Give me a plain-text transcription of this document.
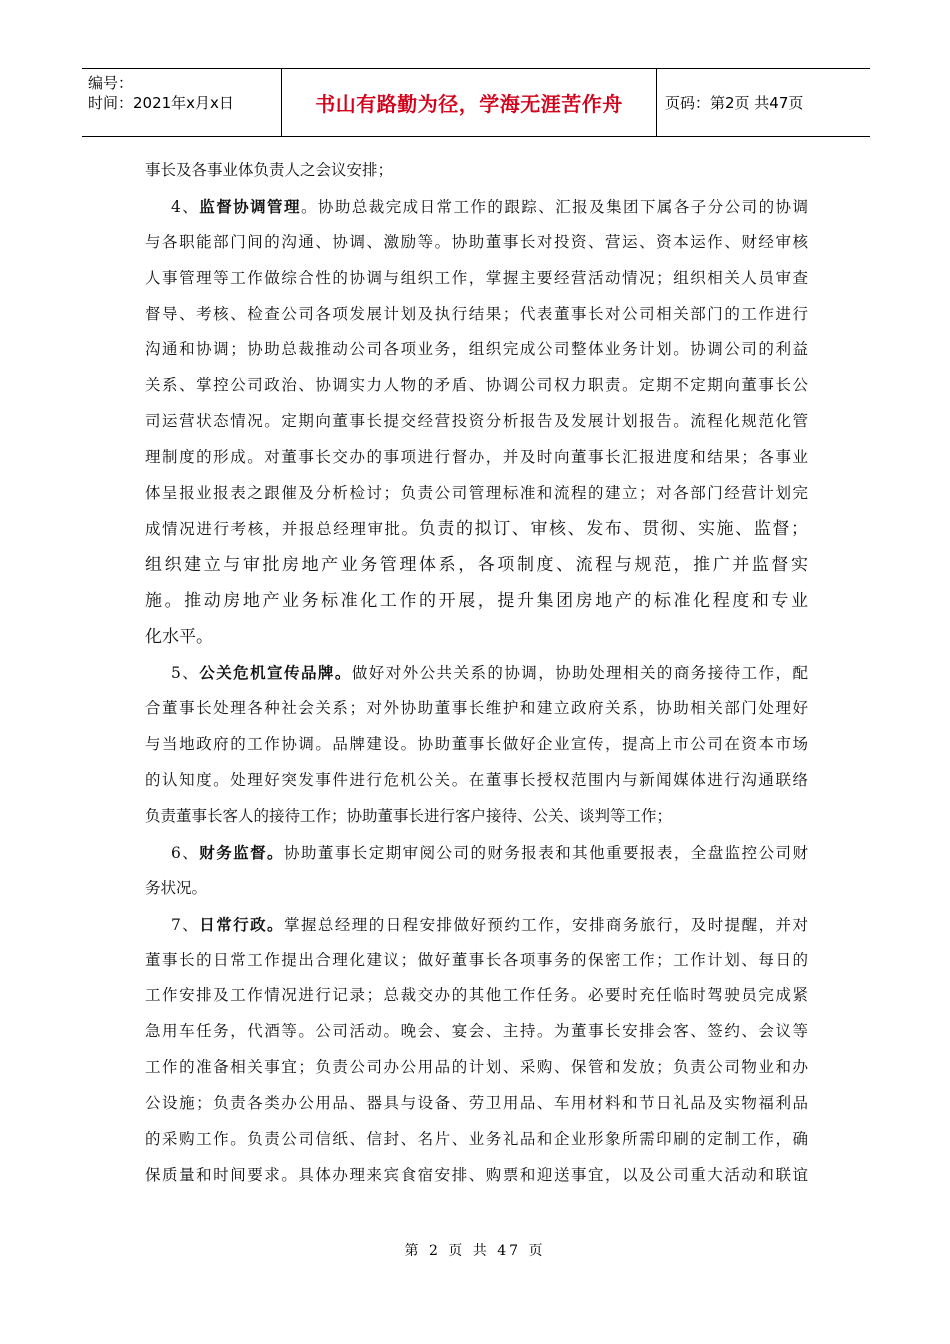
编号：
时间：2021年x月x日	书山有路勤为径，学海无涯苦作舟	页码：第2页 共47页
事长及各事业体负责人之会议安排；
4、监督协调管理。协助总裁完成日常工作的跟踪、汇报及集团下属各子分公司的协调
与各职能部门间的沟通、协调、激励等。协助董事长对投资、营运、资本运作、财经审核
人事管理等工作做综合性的协调与组织工作，掌握主要经营活动情况；组织相关人员审查
督导、考核、检查公司各项发展计划及执行结果；代表董事长对公司相关部门的工作进行
沟通和协调；协助总裁推动公司各项业务，组织完成公司整体业务计划。协调公司的利益
关系、掌控公司政治、协调实力人物的矛盾、协调公司权力职责。定期不定期向董事长公
司运营状态情况。定期向董事长提交经营投资分析报告及发展计划报告。流程化规范化管
理制度的形成。对董事长交办的事项进行督办，并及时向董事长汇报进度和结果；各事业
体呈报业报表之跟催及分析检讨；负责公司管理标准和流程的建立；对各部门经营计划完
成情况进行考核，并报总经理审批。负责的拟订、审核、发布、贯彻、实施、监督；
组织建立与审批房地产业务管理体系，各项制度、流程与规范，推广并监督实
施。推动房地产业务标准化工作的开展，提升集团房地产的标准化程度和专业
化水平。
5、公关危机宣传品牌。做好对外公共关系的协调，协助处理相关的商务接待工作，配
合董事长处理各种社会关系；对外协助董事长维护和建立政府关系，协助相关部门处理好
与当地政府的工作协调。品牌建设。协助董事长做好企业宣传，提高上市公司在资本市场
的认知度。处理好突发事件进行危机公关。在董事长授权范围内与新闻媒体进行沟通联络
负责董事长客人的接待工作；协助董事长进行客户接待、公关、谈判等工作；
6、财务监督。协助董事长定期审阅公司的财务报表和其他重要报表，全盘监控公司财
务状况。
7、日常行政。掌握总经理的日程安排做好预约工作，安排商务旅行，及时提醒，并对
董事长的日常工作提出合理化建议；做好董事长各项事务的保密工作；工作计划、每日的
工作安排及工作情况进行记录；总裁交办的其他工作任务。必要时充任临时驾驶员完成紧
急用车任务，代酒等。公司活动。晚会、宴会、主持。为董事长安排会客、签约、会议等
工作的准备相关事宜；负责公司办公用品的计划、采购、保管和发放；负责公司物业和办
公设施；负责各类办公用品、器具与设备、劳卫用品、车用材料和节日礼品及实物福利品
的采购工作。负责公司信纸、信封、名片、业务礼品和企业形象所需印刷的定制工作，确
保质量和时间要求。具体办理来宾食宿安排、购票和迎送事宜，以及公司重大活动和联谊
第 2 页 共 47 页
